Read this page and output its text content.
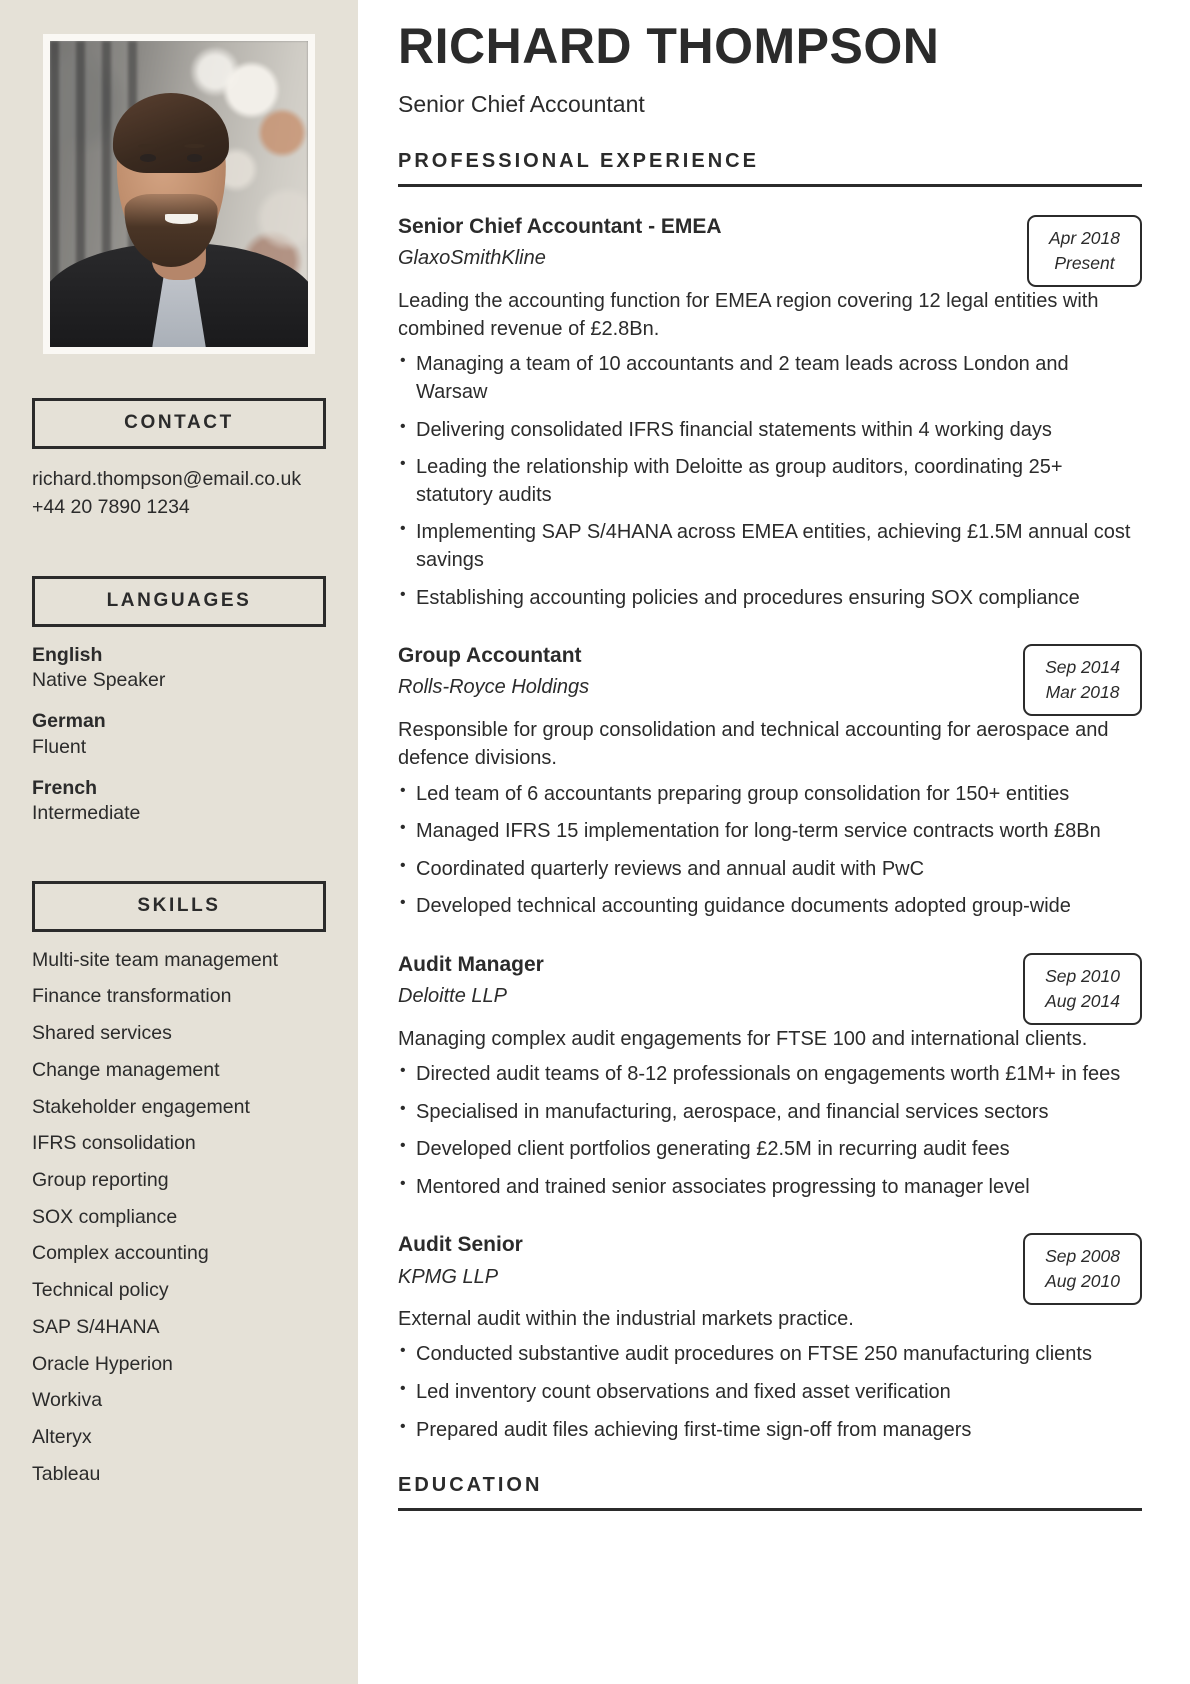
CONTACT
richard.thompson@email.co.uk
+44 20 7890 1234
LANGUAGES
English
Native Speaker
German
Fluent
French
Intermediate
SKILLS
Multi-site team management
Finance transformation
Shared services
Change management
Stakeholder engagement
IFRS consolidation
Group reporting
SOX compliance
Complex accounting
Technical policy
SAP S/4HANA
Oracle Hyperion
Workiva
Alteryx
Tableau
RICHARD THOMPSON
Senior Chief Accountant
PROFESSIONAL EXPERIENCE
Senior Chief Accountant - EMEA
GlaxoSmithKline
Apr 2018
Present

Leading the accounting function for EMEA region covering 12 legal entities with combined revenue of £2.8Bn.

• Managing a team of 10 accountants and 2 team leads across London and Warsaw
• Delivering consolidated IFRS financial statements within 4 working days
• Leading the relationship with Deloitte as group auditors, coordinating 25+ statutory audits
• Implementing SAP S/4HANA across EMEA entities, achieving £1.5M annual cost savings
• Establishing accounting policies and procedures ensuring SOX compliance
Group Accountant
Rolls-Royce Holdings
Sep 2014
Mar 2018

Responsible for group consolidation and technical accounting for aerospace and defence divisions.

• Led team of 6 accountants preparing group consolidation for 150+ entities
• Managed IFRS 15 implementation for long-term service contracts worth £8Bn
• Coordinated quarterly reviews and annual audit with PwC
• Developed technical accounting guidance documents adopted group-wide
Audit Manager
Deloitte LLP
Sep 2010
Aug 2014

Managing complex audit engagements for FTSE 100 and international clients.

• Directed audit teams of 8-12 professionals on engagements worth £1M+ in fees
• Specialised in manufacturing, aerospace, and financial services sectors
• Developed client portfolios generating £2.5M in recurring audit fees
• Mentored and trained senior associates progressing to manager level
Audit Senior
KPMG LLP
Sep 2008
Aug 2010

External audit within the industrial markets practice.

• Conducted substantive audit procedures on FTSE 250 manufacturing clients
• Led inventory count observations and fixed asset verification
• Prepared audit files achieving first-time sign-off from managers
EDUCATION
